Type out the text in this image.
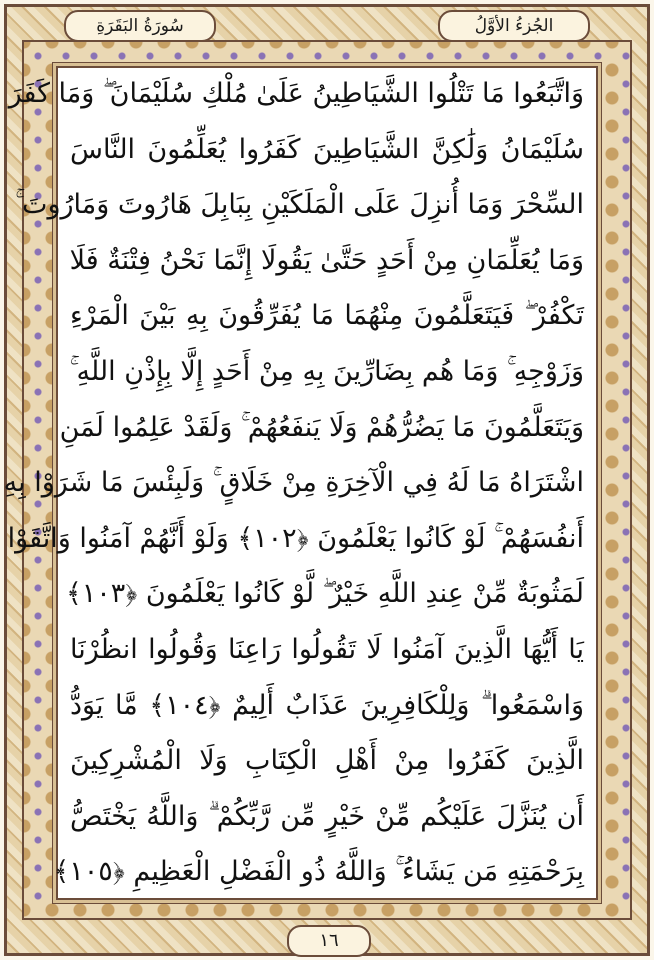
الجُزءُ الأوَّلُ
سُورَةُ البَقَرَةِ
وَاتَّبَعُوا مَا تَتْلُوا الشَّيَاطِينُ عَلَىٰ مُلْكِ سُلَيْمَانَ ۖ وَمَا كَفَرَ
سُلَيْمَانُ وَلَٰكِنَّ الشَّيَاطِينَ كَفَرُوا يُعَلِّمُونَ النَّاسَ
السِّحْرَ وَمَا أُنزِلَ عَلَى الْمَلَكَيْنِ بِبَابِلَ هَارُوتَ وَمَارُوتَ ۚ
وَمَا يُعَلِّمَانِ مِنْ أَحَدٍ حَتَّىٰ يَقُولَا إِنَّمَا نَحْنُ فِتْنَةٌ فَلَا
تَكْفُرْ ۖ فَيَتَعَلَّمُونَ مِنْهُمَا مَا يُفَرِّقُونَ بِهِ بَيْنَ الْمَرْءِ
وَزَوْجِهِ ۚ وَمَا هُم بِضَارِّينَ بِهِ مِنْ أَحَدٍ إِلَّا بِإِذْنِ اللَّهِ ۚ
وَيَتَعَلَّمُونَ مَا يَضُرُّهُمْ وَلَا يَنفَعُهُمْ ۚ وَلَقَدْ عَلِمُوا لَمَنِ
اشْتَرَاهُ مَا لَهُ فِي الْآخِرَةِ مِنْ خَلَاقٍ ۚ وَلَبِئْسَ مَا شَرَوْا بِهِ
أَنفُسَهُمْ ۚ لَوْ كَانُوا يَعْلَمُونَ ﴿١٠٢﴾ وَلَوْ أَنَّهُمْ آمَنُوا وَاتَّقَوْا
لَمَثُوبَةٌ مِّنْ عِندِ اللَّهِ خَيْرٌ ۖ لَّوْ كَانُوا يَعْلَمُونَ ﴿١٠٣﴾
يَا أَيُّهَا الَّذِينَ آمَنُوا لَا تَقُولُوا رَاعِنَا وَقُولُوا انظُرْنَا
وَاسْمَعُوا ۗ وَلِلْكَافِرِينَ عَذَابٌ أَلِيمٌ ﴿١٠٤﴾ مَّا يَوَدُّ
الَّذِينَ كَفَرُوا مِنْ أَهْلِ الْكِتَابِ وَلَا الْمُشْرِكِينَ
أَن يُنَزَّلَ عَلَيْكُم مِّنْ خَيْرٍ مِّن رَّبِّكُمْ ۗ وَاللَّهُ يَخْتَصُّ
بِرَحْمَتِهِ مَن يَشَاءُ ۚ وَاللَّهُ ذُو الْفَضْلِ الْعَظِيمِ ﴿١٠٥﴾
١٦
